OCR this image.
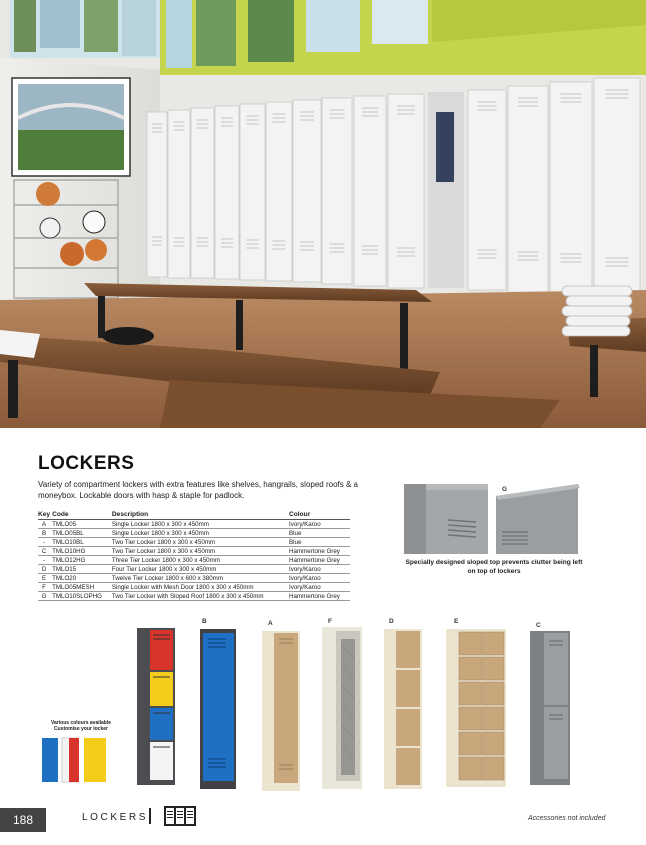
LOCKERS
Variety of compartment lockers with extra features like shelves, hangrails, sloped roofs & a moneybox. Lockable doors with hasp & staple for padlock.
Key	Code	Description	Colour
A	TMLO05	Single Locker 1800 x 300 x 450mm	Ivory/Karoo
B	TMLO05BL	Single Locker 1800 x 300 x 450mm	Blue
-	TMLO10BL	Two Tier Locker 1800 x 300 x 450mm	Blue
C	TMLO10HG	Two Tier Locker 1800 x 300 x 450mm	Hammertone Grey
-	TMLO12HG	Three Tier Locker 1800 x 300 x 450mm	Hammertone Grey
D	TMLO15	Four Tier Locker 1800 x 300 x 450mm	Ivory/Karoo
E	TMLO20	Twelve Tier Locker 1800 x 600 x 380mm	Ivory/Karoo
F	TMLO05MESH	Single Locker with Mesh Door 1800 x 300 x 450mm	Ivory/Karoo
G	TMLO10SLOPHG	Two Tier Locker with Sloped Roof 1800 x 300 x 450mm	Hammertone Grey
G
Specially designed sloped top prevents clutter being left on top of lockers
Various colours available Customise your locker
B	A	F	D	E
C
188	LOCKERS	Accessories not included
